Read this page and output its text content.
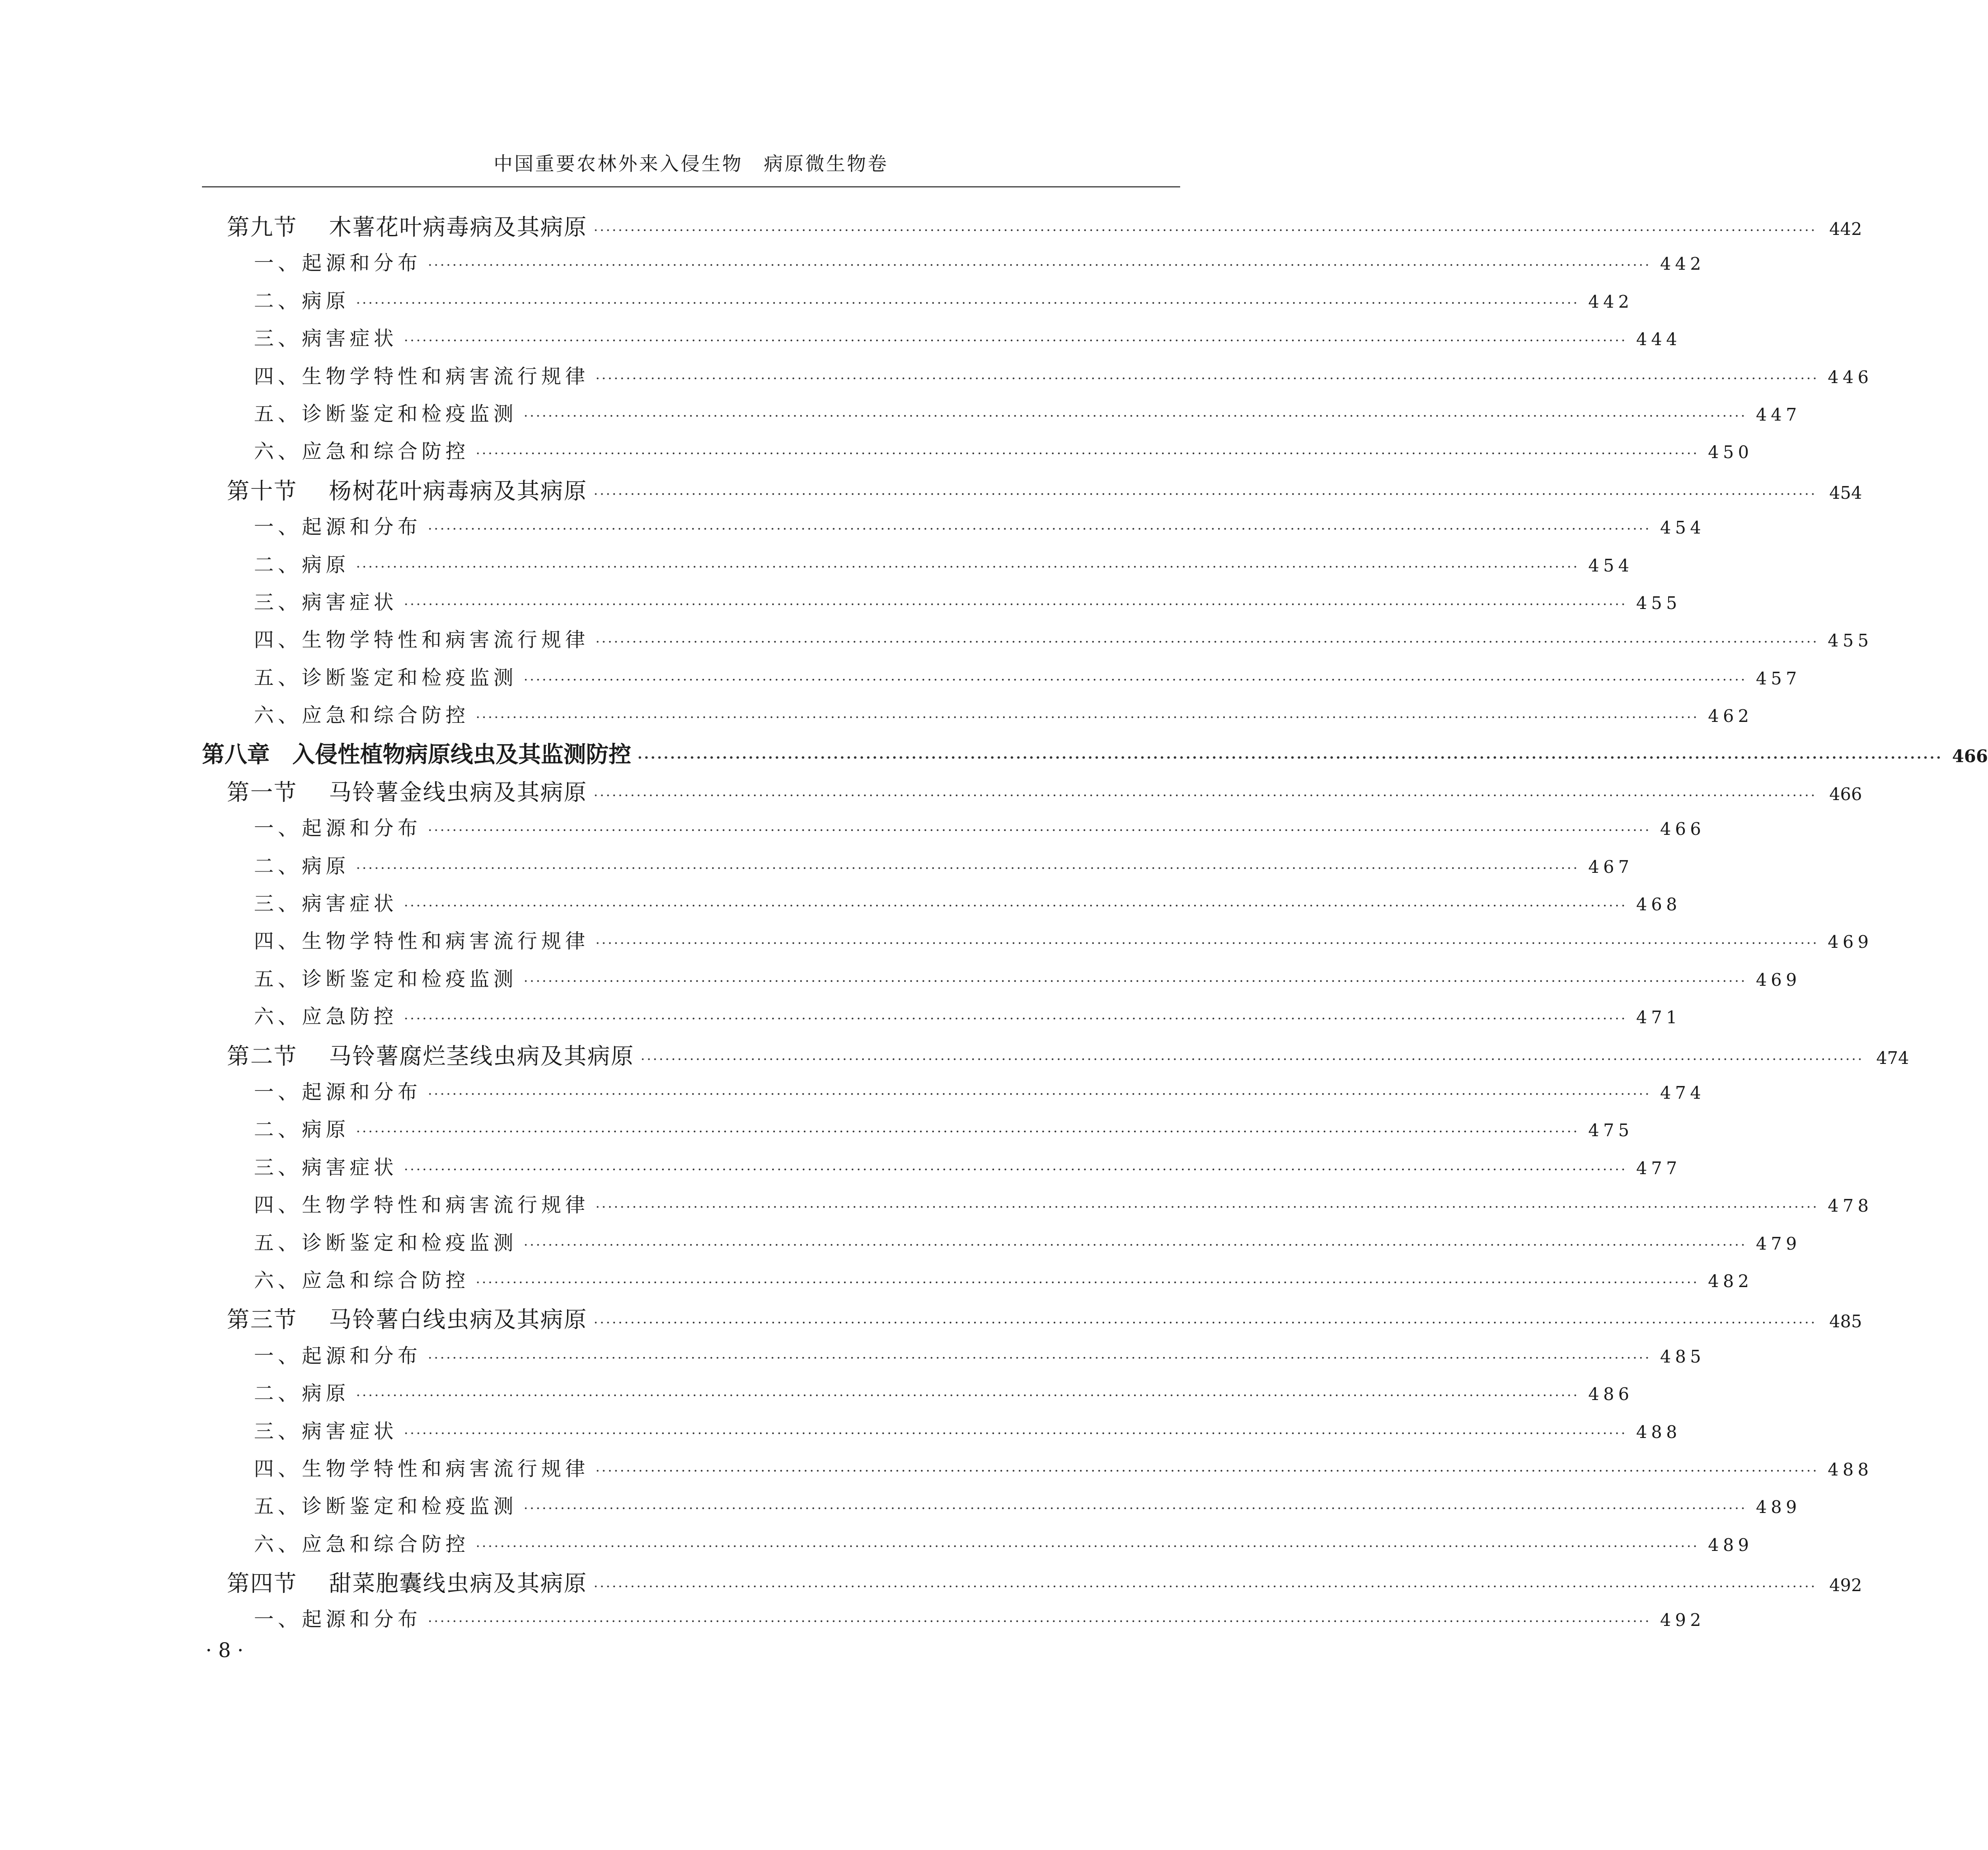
中国重要农林外来入侵生物　病原微生物卷
第九节　 木薯花叶病毒病及其病原 ········································································································································································································ 442
一、起源和分布 ········································································································································································································ 442
二、病原 ········································································································································································································ 442
三、病害症状 ········································································································································································································ 444
四、生物学特性和病害流行规律 ········································································································································································································ 446
五、诊断鉴定和检疫监测 ········································································································································································································ 447
六、应急和综合防控 ········································································································································································································ 450
第十节　 杨树花叶病毒病及其病原 ········································································································································································································ 454
一、起源和分布 ········································································································································································································ 454
二、病原 ········································································································································································································ 454
三、病害症状 ········································································································································································································ 455
四、生物学特性和病害流行规律 ········································································································································································································ 455
五、诊断鉴定和检疫监测 ········································································································································································································ 457
六、应急和综合防控 ········································································································································································································ 462
第八章　 入侵性植物病原线虫及其监测防控 ········································································································································································································ 466
第一节　 马铃薯金线虫病及其病原 ········································································································································································································ 466
一、起源和分布 ········································································································································································································ 466
二、病原 ········································································································································································································ 467
三、病害症状 ········································································································································································································ 468
四、生物学特性和病害流行规律 ········································································································································································································ 469
五、诊断鉴定和检疫监测 ········································································································································································································ 469
六、应急防控 ········································································································································································································ 471
第二节　 马铃薯腐烂茎线虫病及其病原 ········································································································································································································ 474
一、起源和分布 ········································································································································································································ 474
二、病原 ········································································································································································································ 475
三、病害症状 ········································································································································································································ 477
四、生物学特性和病害流行规律 ········································································································································································································ 478
五、诊断鉴定和检疫监测 ········································································································································································································ 479
六、应急和综合防控 ········································································································································································································ 482
第三节　 马铃薯白线虫病及其病原 ········································································································································································································ 485
一、起源和分布 ········································································································································································································ 485
二、病原 ········································································································································································································ 486
三、病害症状 ········································································································································································································ 488
四、生物学特性和病害流行规律 ········································································································································································································ 488
五、诊断鉴定和检疫监测 ········································································································································································································ 489
六、应急和综合防控 ········································································································································································································ 489
第四节　 甜菜胞囊线虫病及其病原 ········································································································································································································ 492
一、起源和分布 ········································································································································································································ 492
· 8 ·
